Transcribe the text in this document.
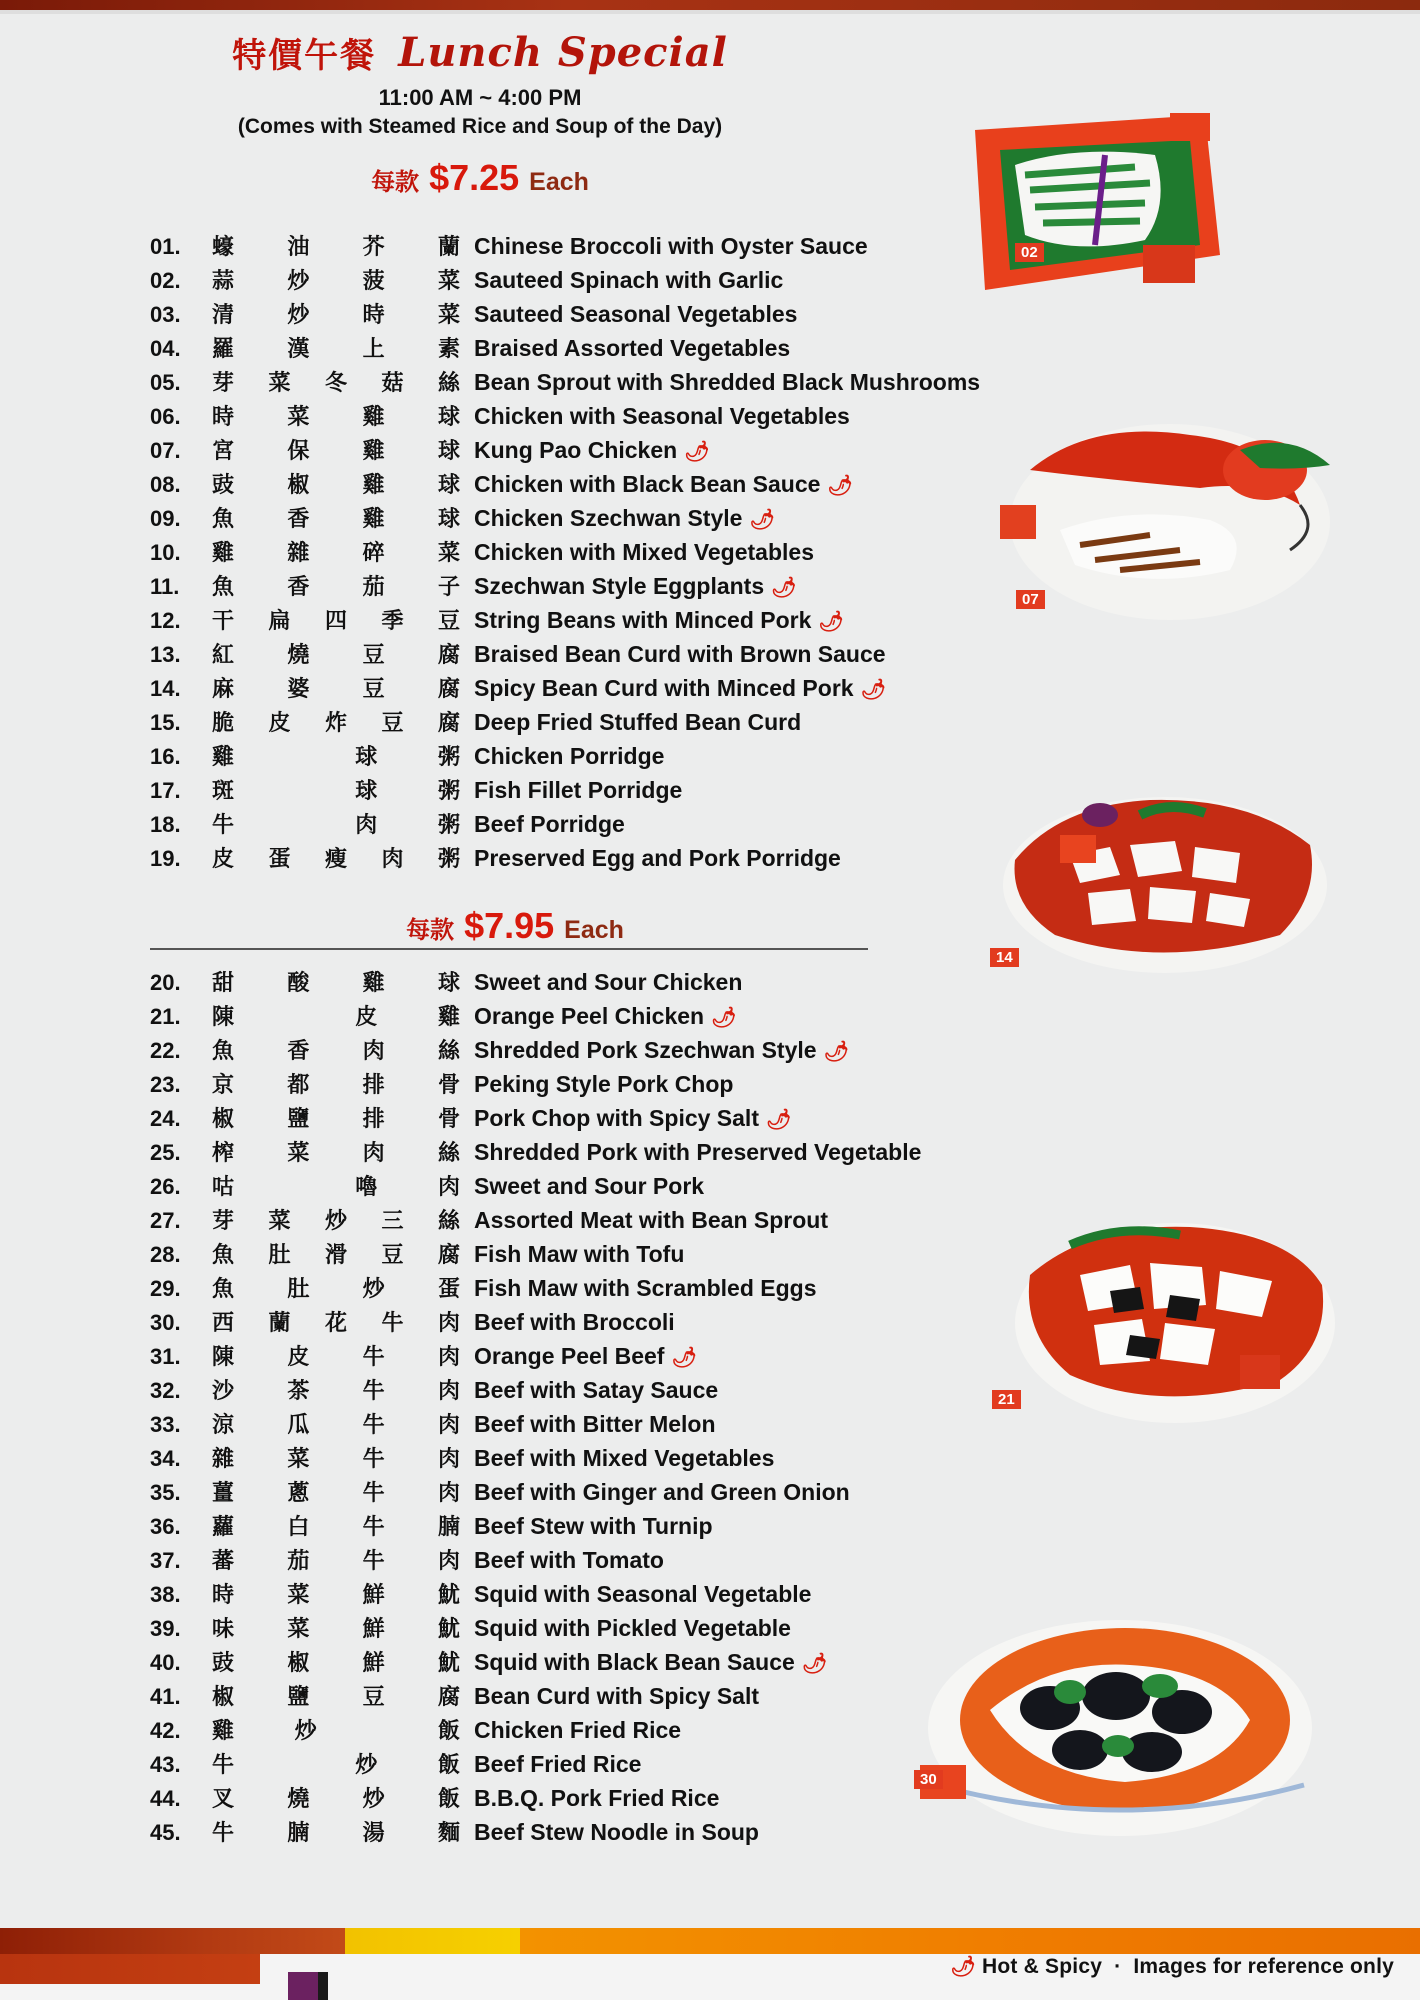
特價午餐 Lunch Special
11:00 AM ~ 4:00 PM
(Comes with Steamed Rice and Soup of the Day)
每款 $7.25 Each
01.	蠔 油 芥 蘭 Chinese Broccoli with Oyster Sauce
02.	蒜 炒 菠 菜 Sauteed Spinach with Garlic
03.	清 炒 時 菜 Sauteed Seasonal Vegetables
04.	羅 漢 上 素 Braised Assorted Vegetables
05.	芽 菜 冬 菇 絲 Bean Sprout with Shredded Black Mushrooms
06.	時 菜 雞 球 Chicken with Seasonal Vegetables
07.	宮 保 雞 球 Kung Pao Chicken 🌶
08.	豉 椒 雞 球 Chicken with Black Bean Sauce 🌶
09.	魚 香 雞 球 Chicken Szechwan Style 🌶
10.	雞 雜 碎 菜 Chicken with Mixed Vegetables
11.	魚 香 茄 子 Szechwan Style Eggplants 🌶
12.	干 扁 四 季 豆 String Beans with Minced Pork 🌶
13.	紅 燒 豆 腐 Braised Bean Curd with Brown Sauce
14.	麻 婆 豆 腐 Spicy Bean Curd with Minced Pork 🌶
15.	脆 皮 炸 豆 腐 Deep Fried Stuffed Bean Curd
16.	雞	球	粥 Chicken Porridge
17.	斑	球	粥 Fish Fillet Porridge
18.	牛	肉	粥 Beef Porridge
19.	皮 蛋 瘦 肉 粥 Preserved Egg and Pork Porridge
每款 $7.95 Each
20.	甜 酸 雞 球 Sweet and Sour Chicken
21.	陳	皮	雞 Orange Peel Chicken 🌶
22.	魚 香 肉 絲 Shredded Pork Szechwan Style 🌶
23.	京 都 排 骨 Peking Style Pork Chop
24.	椒 鹽 排 骨 Pork Chop with Spicy Salt 🌶
25.	榨 菜 肉 絲 Shredded Pork with Preserved Vegetable
26.	咕	嚕	肉 Sweet and Sour Pork
27.	芽 菜 炒 三 絲 Assorted Meat with Bean Sprout
28.	魚 肚 滑 豆 腐 Fish Maw with Tofu
29.	魚 肚 炒 蛋 Fish Maw with Scrambled Eggs
30.	西 蘭 花 牛 肉 Beef with Broccoli
31.	陳 皮 牛 肉 Orange Peel Beef 🌶
32.	沙 茶 牛 肉 Beef with Satay Sauce
33.	涼 瓜 牛 肉 Beef with Bitter Melon
34.	雜 菜 牛 肉 Beef with Mixed Vegetables
35.	薑 蔥 牛 肉 Beef with Ginger and Green Onion
36.	蘿 白 牛 腩 Beef Stew with Turnip
37.	蕃 茄 牛 肉 Beef with Tomato
38.	時 菜 鮮 魷 Squid with Seasonal Vegetable
39.	味 菜 鮮 魷 Squid with Pickled Vegetable
40.	豉 椒 鮮 魷 Squid with Black Bean Sauce 🌶
41.	椒 鹽 豆 腐 Bean Curd with Spicy Salt
42.	雞	炒	飯 Chicken Fried Rice
43.	牛	炒	飯 Beef Fried Rice
44.	叉 燒 炒 飯 B.B.Q. Pork Fried Rice
45.	牛 腩 湯 麵 Beef Stew Noodle in Soup
02
07
14
21
30
🌶 Hot & Spicy · Images for reference only
